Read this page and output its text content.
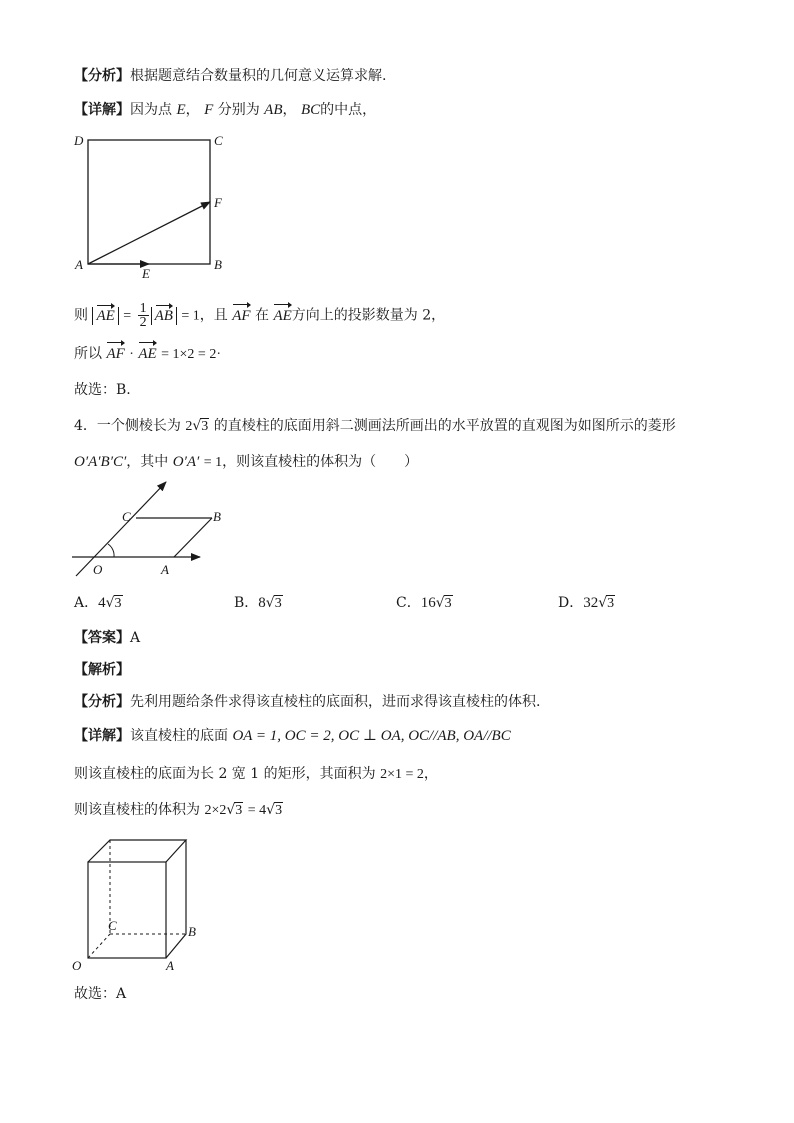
【分析】根据题意结合数量积的几何意义运算求解.
【详解】因为点 E， F 分别为 AB， BC的中点，
D	C
F
A
E
B
则 AE = $\frac{1}{2}$ AB = 1，且 AF 在 AE方向上的投影数量为 2，
所以 AF · AE = 1×2 = 2·
故选：B.
4．一个侧棱长为 2√3 的直棱柱的底面用斜二测画法所画出的水平放置的直观图为如图所示的菱形
O′A′B′C′，其中 O′A′ = 1，则该直棱柱的体积为（　　）
C	B
O	A
A．4√3	B．8√3	C．16√3	D．32√3
【答案】A
【解析】
【分析】先利用题给条件求得该直棱柱的底面积，进而求得该直棱柱的体积.
【详解】该直棱柱的底面 OA = 1, OC = 2, OC ⊥ OA, OC//AB, OA//BC
则该直棱柱的底面为长 2 宽 1 的矩形，其面积为 2×1 = 2，
则该直棱柱的体积为 2×2√3 = 4√3
C	B
O	A
故选：A
